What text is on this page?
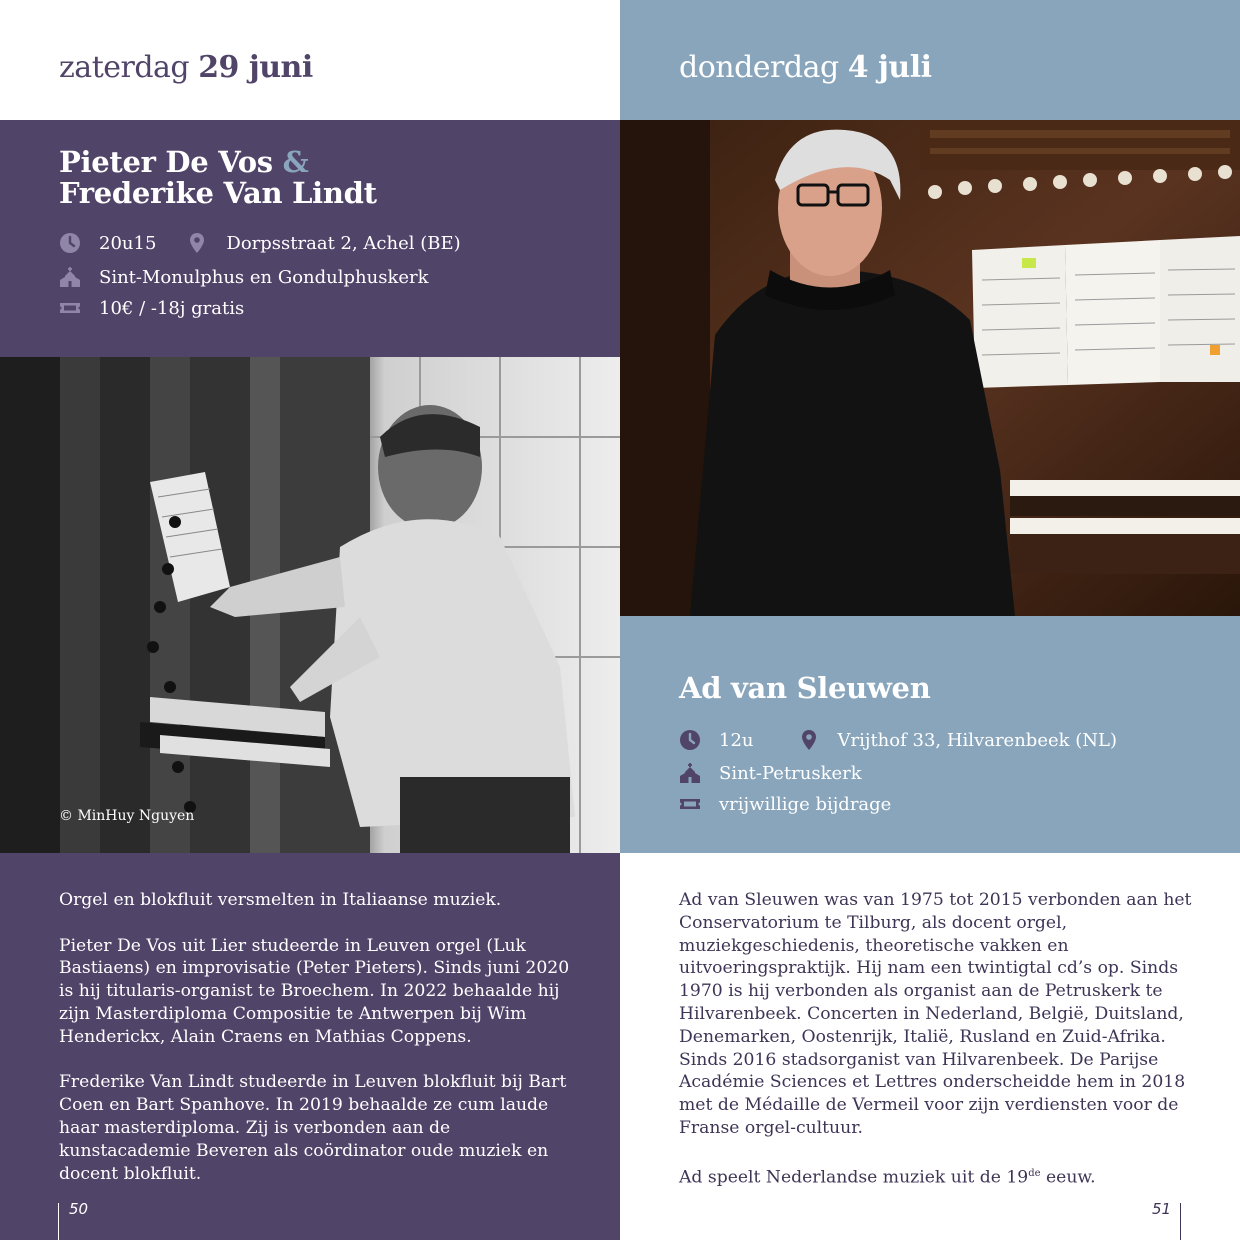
zaterdag 29 juni
Pieter De Vos &
Frederike Van Lindt
20u15	Dorpsstraat 2, Achel (BE)
Sint-Monulphus en Gondulphuskerk
10€ / -18j gratis
© MinHuy Nguyen

Orgel en blokfluit versmelten in Italiaanse muziek.

Pieter De Vos uit Lier studeerde in Leuven orgel (Luk Bastiaens) en improvisatie (Peter Pieters). Sinds juni 2020 is hij titularis-organist te Broechem. In 2022 behaalde hij zijn Masterdiploma Compositie te Antwerpen bij Wim Henderickx, Alain Craens en Mathias Coppens.

Frederike Van Lindt studeerde in Leuven blokfluit bij Bart Coen en Bart Spanhove. In 2019 behaalde ze cum laude haar masterdiploma. Zij is verbonden aan de kunstacademie Beveren als coördinator oude muziek en docent blokfluit.

50
donderdag 4 juli
Ad van Sleuwen
12u	Vrijthof 33, Hilvarenbeek (NL)
Sint-Petruskerk
vrijwillige bijdrage

Ad van Sleuwen was van 1975 tot 2015 verbonden aan het Conservatorium te Tilburg, als docent orgel, muziekgeschiedenis, theoretische vakken en uitvoeringspraktijk. Hij nam een twintigtal cd’s op. Sinds 1970 is hij verbonden als organist aan de Petruskerk te Hilvarenbeek. Concerten in Nederland, België, Duitsland, Denemarken, Oostenrijk, Italië, Rusland en Zuid-Afrika. Sinds 2016 stadsorganist van Hilvarenbeek. De Parijse Académie Sciences et Lettres onderscheidde hem in 2018 met de Médaille de Vermeil voor zijn verdiensten voor de Franse orgel-cultuur.

Ad speelt Nederlandse muziek uit de 19de eeuw.

51
